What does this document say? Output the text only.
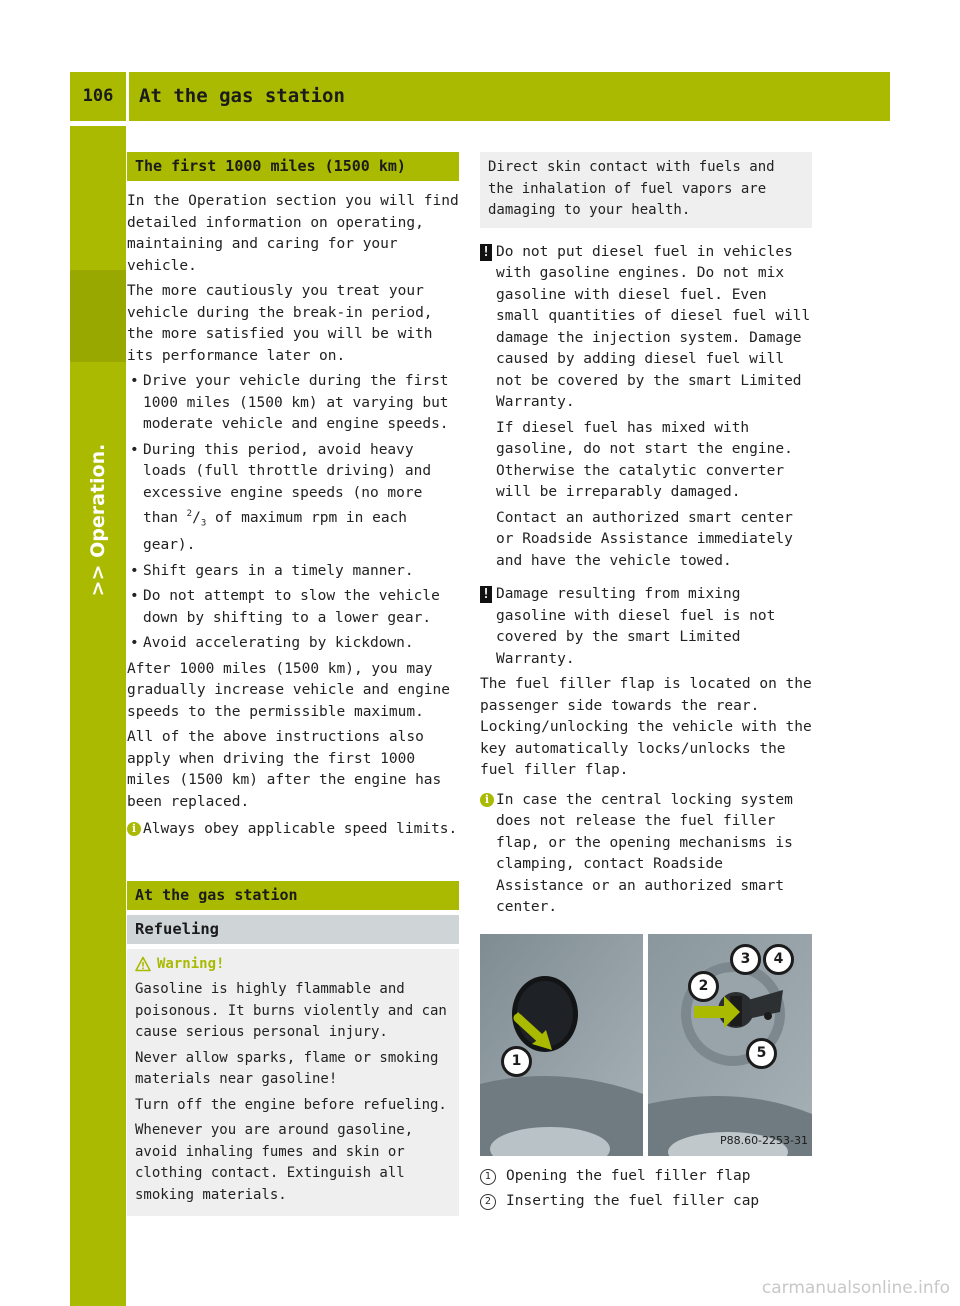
106	At the gas station
>> Operation.
The first 1000 miles (1500 km)

In the Operation section you will find detailed information on operating, maintaining and caring for your vehicle.

The more cautiously you treat your vehicle during the break-in period, the more satisfied you will be with its performance later on.

• Drive your vehicle during the first 1000 miles (1500 km) at varying but moderate vehicle and engine speeds.
• During this period, avoid heavy loads (full throttle driving) and excessive engine speeds (no more than $^2/_3$ of maximum rpm in each gear).
• Shift gears in a timely manner.
• Do not attempt to slow the vehicle down by shifting to a lower gear.
• Avoid accelerating by kickdown.

After 1000 miles (1500 km), you may gradually increase vehicle and engine speeds to the permissible maximum.

All of the above instructions also apply when driving the first 1000 miles (1500 km) after the engine has been replaced.

i Always obey applicable speed limits.
At the gas station
Refueling
Warning!

Gasoline is highly flammable and poisonous. It burns violently and can cause serious personal injury.

Never allow sparks, flame or smoking materials near gasoline!

Turn off the engine before refueling.

Whenever you are around gasoline, avoid inhaling fumes and skin or clothing contact. Extinguish all smoking materials.

Direct skin contact with fuels and the inhalation of fuel vapors are damaging to your health.
! Do not put diesel fuel in vehicles with gasoline engines. Do not mix gasoline with diesel fuel. Even small quantities of diesel fuel will damage the injection system. Damage caused by adding diesel fuel will not be covered by the smart Limited Warranty.
If diesel fuel has mixed with gasoline, do not start the engine. Otherwise the catalytic converter will be irreparably damaged.
Contact an authorized smart center or Roadside Assistance immediately and have the vehicle towed.
! Damage resulting from mixing gasoline with diesel fuel is not covered by the smart Limited Warranty.

The fuel filler flap is located on the passenger side towards the rear. Locking/unlocking the vehicle with the key automatically locks/unlocks the fuel filler flap.

i In case the central locking system does not release the fuel filler flap, or the opening mechanisms is clamping, contact Roadside Assistance or an authorized smart center.
1
2
3	4
5
P88.60-2253-31
1	Opening the fuel filler flap
2	Inserting the fuel filler cap
carmanualsonline.info
